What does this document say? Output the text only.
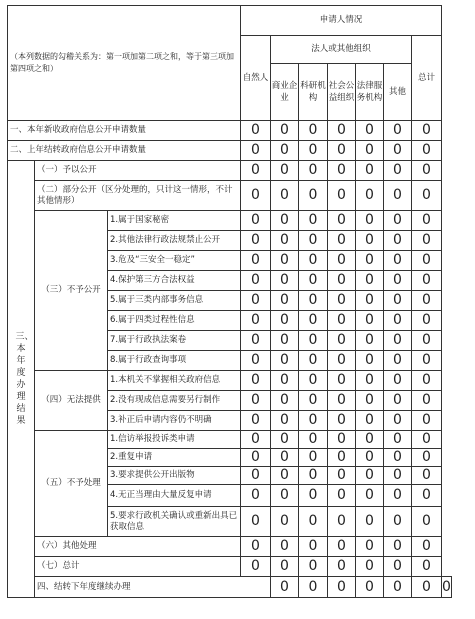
（本列数据的勾稽关系为：第一项加第二项之和，等于第三项加第四项之和）			申请人情况							
			自然人	法人或其他组织					总计	
				商业企业	科研机构	社会公益组织	法律服务机构	其他		
一、本年新收政府信息公开申请数量			0	0	0	0	0	0	0	
二、上年结转政府信息公开申请数量			0	0	0	0	0	0	0	
三、本年度办理结果	（一）予以公开		0	0	0	0	0	0	0	
	（二）部分公开（区分处理的，只计这一情形，不计其他情形）		0	0	0	0	0	0	0	
	（三）不予公开	1.属于国家秘密	0	0	0	0	0	0	0	
		2.其他法律行政法规禁止公开	0	0	0	0	0	0	0	
		3.危及“三安全一稳定”	0	0	0	0	0	0	0	
		4.保护第三方合法权益	0	0	0	0	0	0	0	
		5.属于三类内部事务信息	0	0	0	0	0	0	0	
		6.属于四类过程性信息	0	0	0	0	0	0	0	
		7.属于行政执法案卷	0	0	0	0	0	0	0	
		8.属于行政查询事项	0	0	0	0	0	0	0	
	（四）无法提供	1.本机关不掌握相关政府信息	0	0	0	0	0	0	0	
		2.没有现成信息需要另行制作	0	0	0	0	0	0	0	
		3.补正后申请内容仍不明确	0	0	0	0	0	0	0	
	（五）不予处理	1.信访举报投诉类申请	0	0	0	0	0	0	0	
		2.重复申请	0	0	0	0	0	0	0	
		3.要求提供公开出版物	0	0	0	0	0	0	0	
		4.无正当理由大量反复申请	0	0	0	0	0	0	0	
		5.要求行政机关确认或重新出具已获取信息	0	0	0	0	0	0	0	
	（六）其他处理		0	0	0	0	0	0	0	
	（七）总计		0	0	0	0	0	0	0	
	四、结转下年度继续办理			0	0	0	0	0	0	0
